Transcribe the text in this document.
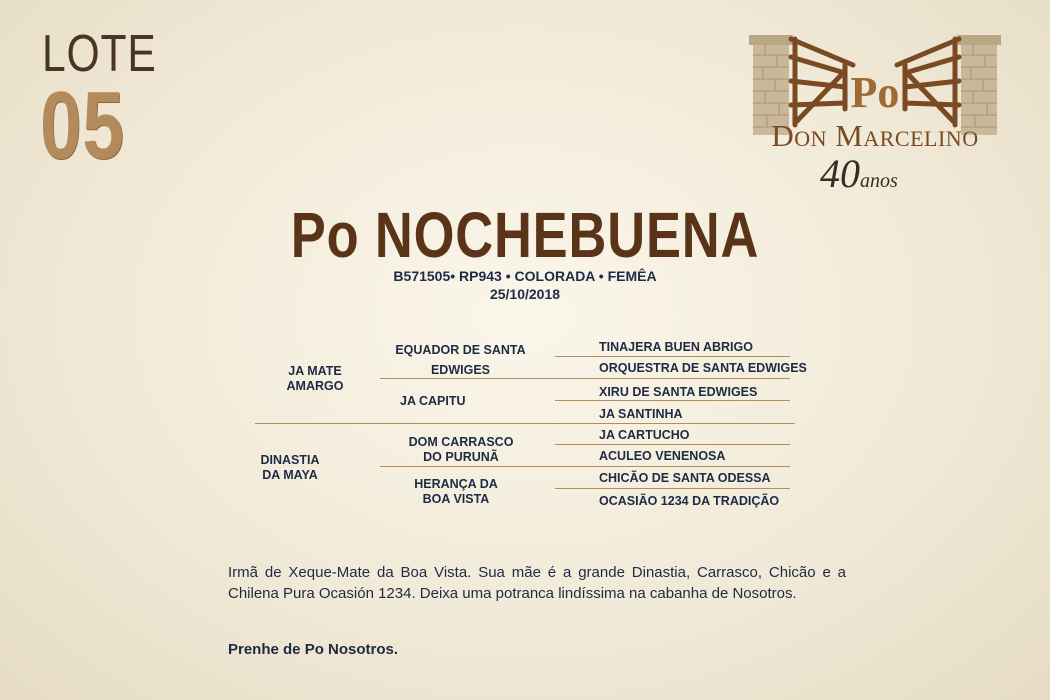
LOTE
05	Po
Don Marcelino
40anos
Po NOCHEBUENA
B571505• RP943 • COLORADA • FEMÊA
25/10/2018
JA MATE AMARGO
DINASTIA DA MAYA
EQUADOR DE SANTA EDWIGES
JA CAPITU
DOM CARRASCO DO PURUNÃ
HERANÇA DA BOA VISTA
TINAJERA BUEN ABRIGO
ORQUESTRA DE SANTA EDWIGES
XIRU DE SANTA EDWIGES
JA SANTINHA
JA CARTUCHO
ACULEO VENENOSA
CHICÃO DE SANTA ODESSA
OCASIÃO 1234 DA TRADIÇÃO
Irmã de Xeque-Mate da Boa Vista. Sua mãe é a grande Dinastia, Carrasco, Chicão e a Chilena Pura Ocasión 1234. Deixa uma potranca lindíssima na cabanha de Nosotros.
Prenhe de Po Nosotros.
